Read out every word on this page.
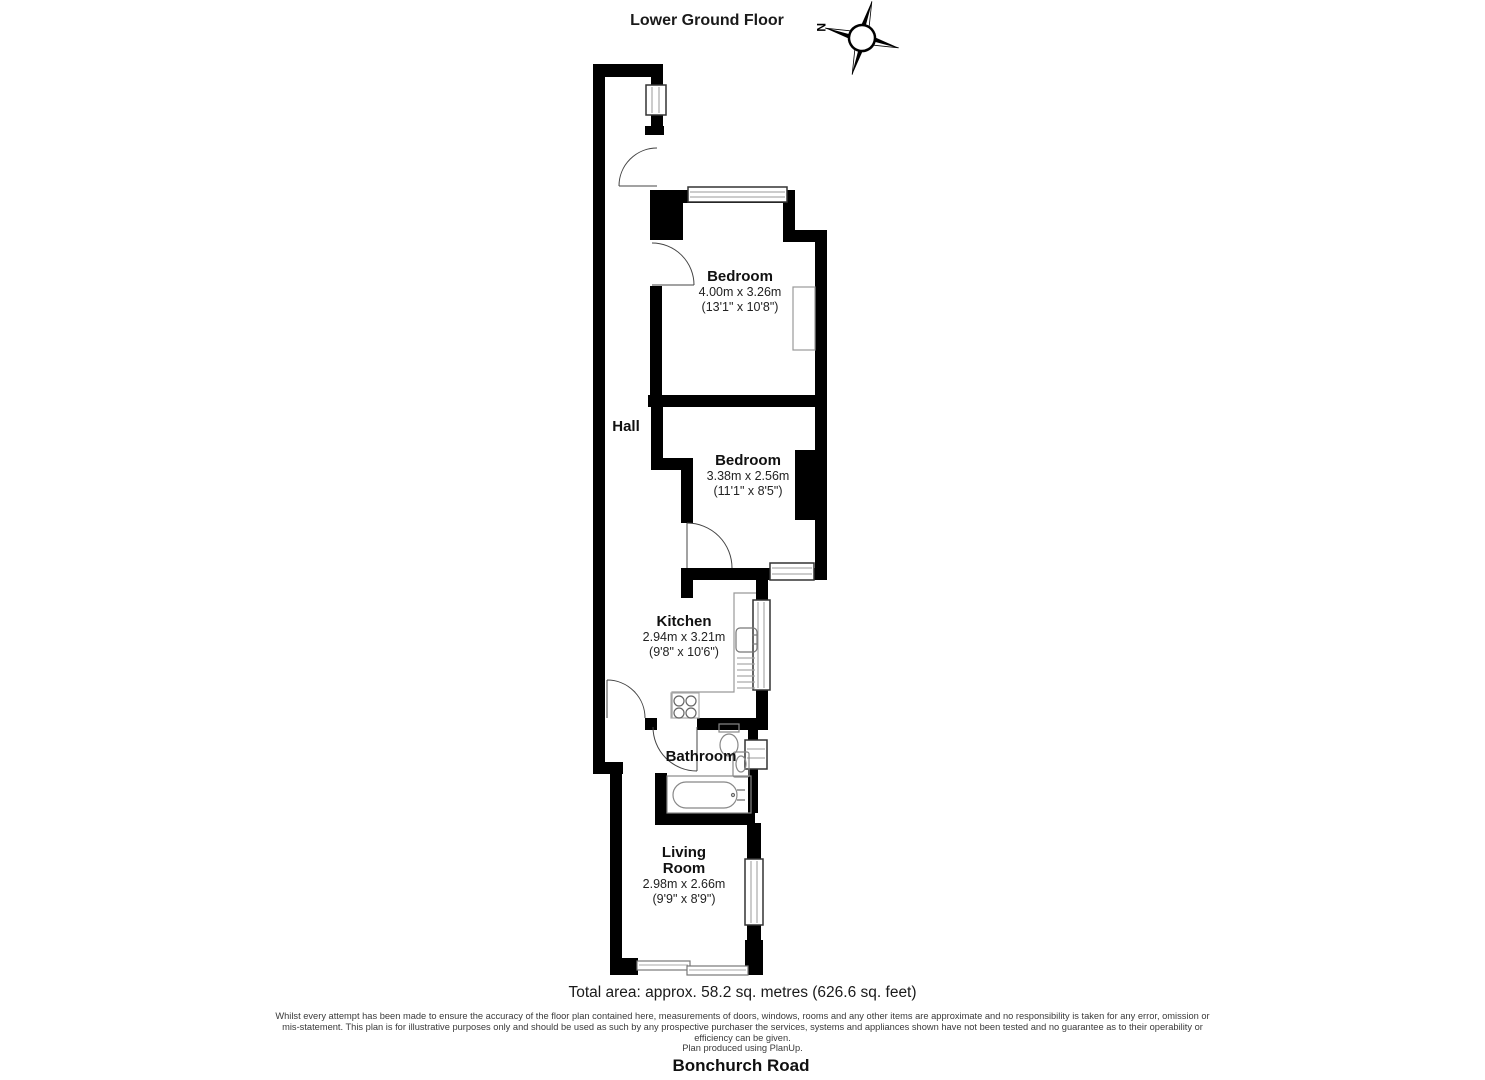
Lower Ground Floor	N
Bedroom
4.00m x 3.26m
(13'1" x 10'8")
Hall
Bedroom
3.38m x 2.56m
(11'1" x 8'5")
Kitchen
2.94m x 3.21m
(9'8" x 10'6")
Bathroom
Living
Room
2.98m x 2.66m
(9'9" x 8'9")
Total area: approx. 58.2 sq. metres (626.6 sq. feet)
Whilst every attempt has been made to ensure the accuracy of the floor plan contained here, measurements of doors, windows, rooms and any other items are approximate and no responsibility is taken for any error, omission or
mis-statement. This plan is for illustrative purposes only and should be used as such by any prospective purchaser the services, systems and appliances shown have not been tested and no guarantee as to their operability or
efficiency can be given.
Plan produced using PlanUp.
Bonchurch Road
